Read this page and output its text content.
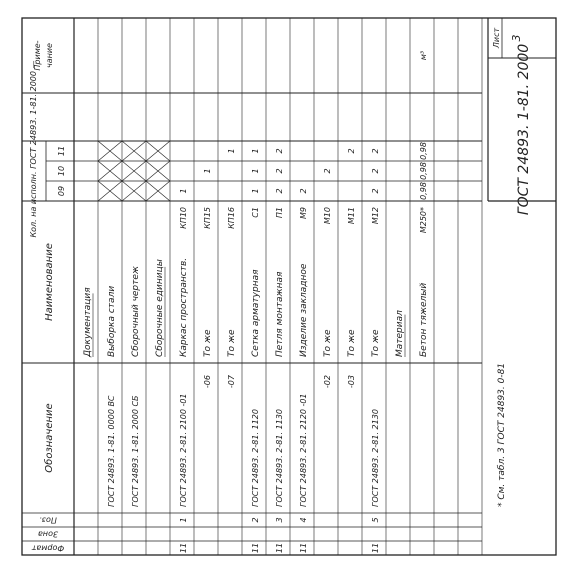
Формат
Зона
Поз.
Обозначение
Наименование
Кол. на исполн. ГОСТ 24893. 1-81. 2000 — 09
10
11
Приме- чание
Документация
ГОСТ 24893. 1-81. 0000 ВС
Выборка стали
ГОСТ 24893. 1-81. 2000 СБ
Сборочный чертеж Сборочные единицы
11
1
ГОСТ 24893. 2-81. 2100 -01
Каркас пространств.
КП10
1
-06
То же
КП15
1
-07
То же
КП16
1
11
2
ГОСТ 24893. 2-81. 1120
Сетка арматурная
С1
1
1
1
11
3
ГОСТ 24893. 2-81. 1130
Петля монтажная
П1
2
2
2
11
4
ГОСТ 24893. 2-81. 2120 -01
Изделие закладное
М9
2
-02
То же
М10
2
-03
То же
М11
2
11
5
ГОСТ 24893. 2-81. 2130
То же
М12
2
2
2
Материал Бетон тяжелый
М250*
0,98
0,98
0,98
м³
* См. табл. 3 ГОСТ 24893. 0-81
ГОСТ 24893. 1-81. 2000
Лист 3
